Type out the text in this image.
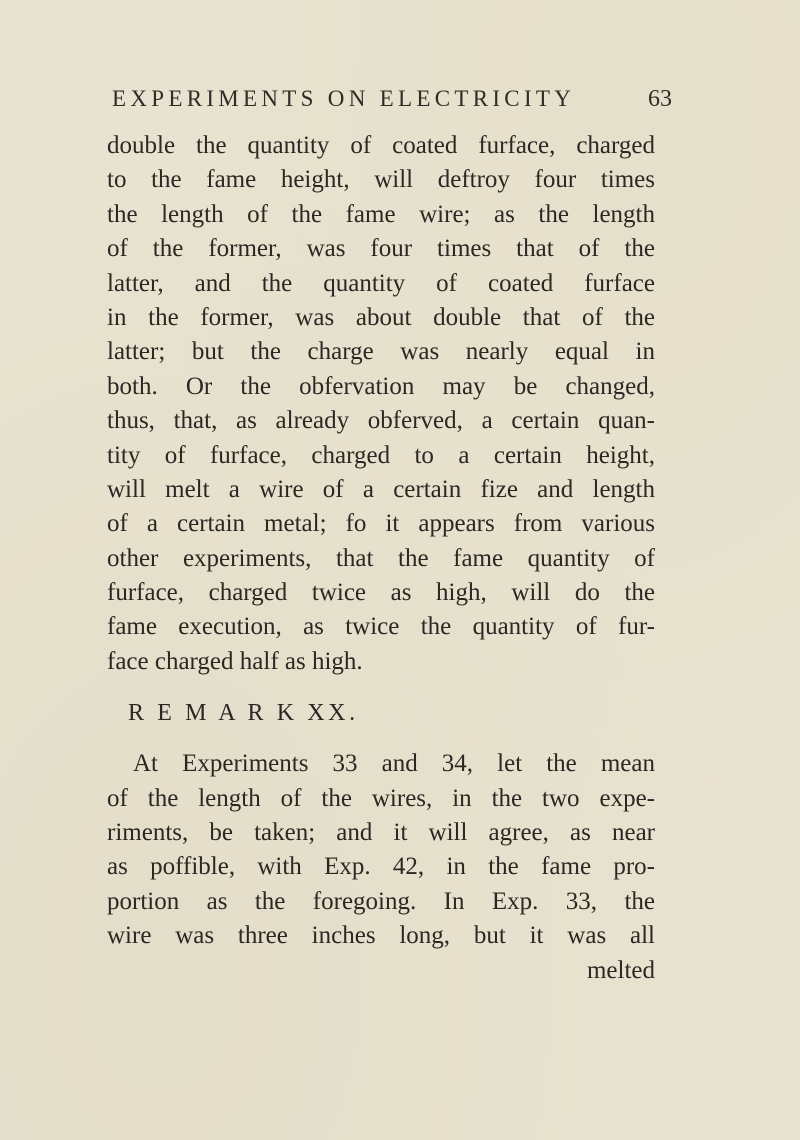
EXPERIMENTS ON ELECTRICITY	63
double the quantity of coated furface, charged
to the fame height, will deftroy four times
the length of the fame wire; as the length
of the former, was four times that of the
latter, and the quantity of coated furface
in the former, was about double that of the
latter; but the charge was nearly equal in
both. Or the obfervation may be changed,
thus, that, as already obferved, a certain quan-
tity of furface, charged to a certain height,
will melt a wire of a certain fize and length
of a certain metal; fo it appears from various
other experiments, that the fame quantity of
furface, charged twice as high, will do the
fame execution, as twice the quantity of fur-
face charged half as high.
R E M A R K XX.
At Experiments 33 and 34, let the mean
of the length of the wires, in the two expe-
riments, be taken; and it will agree, as near
as poffible, with Exp. 42, in the fame pro-
portion as the foregoing. In Exp. 33, the
wire was three inches long, but it was all
melted
